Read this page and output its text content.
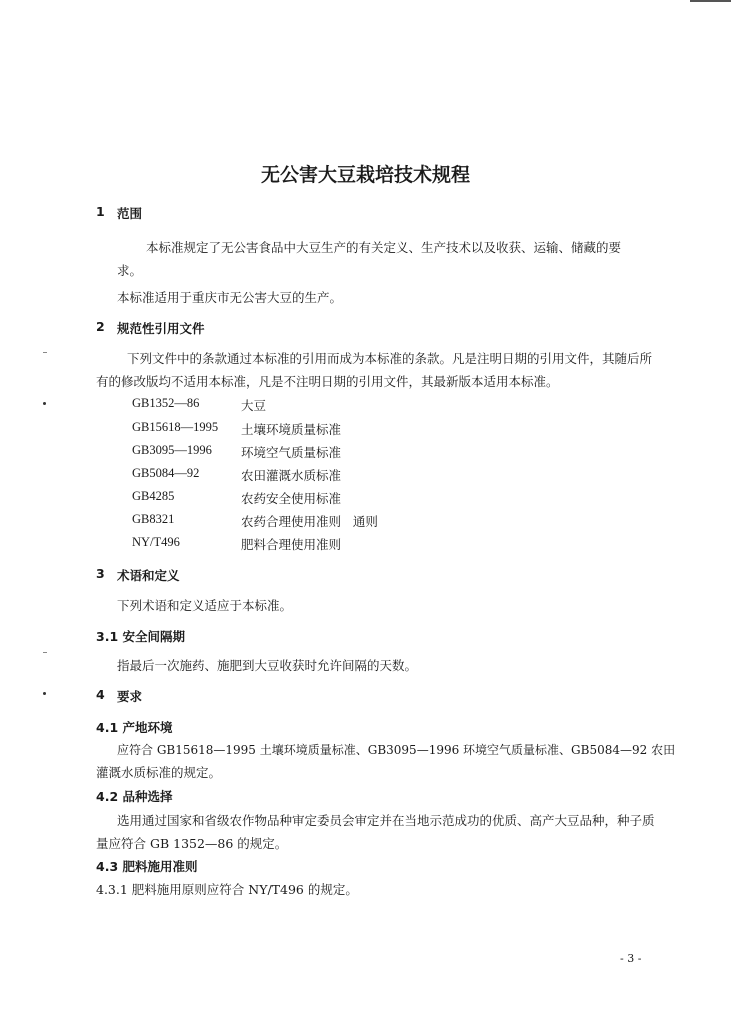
无公害大豆栽培技术规程
1 范围
本标准规定了无公害食品中大豆生产的有关定义、生产技术以及收获、运输、储藏的要
求。
本标准适用于重庆市无公害大豆的生产。
2 规范性引用文件
下列文件中的条款通过本标准的引用而成为本标准的条款。凡是注明日期的引用文件，其随后所
有的修改版均不适用本标准，凡是不注明日期的引用文件，其最新版本适用本标准。
GB1352—86	大豆
GB15618—1995 土壤环境质量标准
GB3095—1996 环境空气质量标准
GB5084—92	农田灌溉水质标准
GB4285	农药安全使用标准
GB8321	农药合理使用准则   通则
NY/T496	肥料合理使用准则
3 术语和定义
下列术语和定义适应于本标准。
3.1 安全间隔期
指最后一次施药、施肥到大豆收获时允许间隔的天数。
4 要求
4.1 产地环境
应符合 GB15618—1995 土壤环境质量标准、GB3095—1996 环境空气质量标准、GB5084—92 农田
灌溉水质标准的规定。
4.2 品种选择
选用通过国家和省级农作物品种审定委员会审定并在当地示范成功的优质、高产大豆品种，种子质
量应符合 GB 1352—86 的规定。
4.3 肥料施用准则
4.3.1 肥料施用原则应符合 NY/T496 的规定。
- 3 -
